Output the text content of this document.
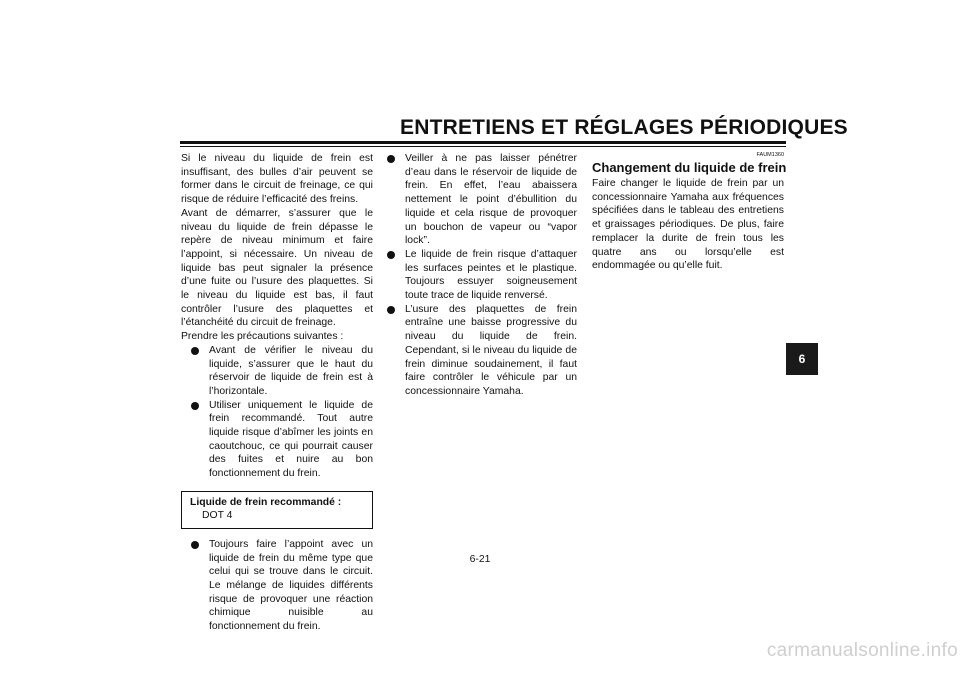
ENTRETIENS ET RÉGLAGES PÉRIODIQUES

Si le niveau du liquide de frein est insuffisant, des bulles d’air peuvent se former dans le circuit de freinage, ce qui risque de réduire l’efficacité des freins.

Avant de démarrer, s’assurer que le niveau du liquide de frein dépasse le repère de niveau minimum et faire l’appoint, si nécessaire. Un niveau de liquide bas peut signaler la présence d’une fuite ou l’usure des plaquettes. Si le niveau du liquide est bas, il faut contrôler l’usure des plaquettes et l’étanchéité du circuit de freinage.

Prendre les précautions suivantes :

Avant de vérifier le niveau du liquide, s’assurer que le haut du réservoir de liquide de frein est à l’horizontale.
Utiliser uniquement le liquide de frein recommandé. Tout autre liquide risque d’abîmer les joints en caoutchouc, ce qui pourrait causer des fuites et nuire au bon fonctionnement du frein.
Liquide de frein recommandé :
DOT 4
Toujours faire l’appoint avec un liquide de frein du même type que celui qui se trouve dans le circuit. Le mélange de liquides différents risque de provoquer une réaction chimique nuisible au fonctionnement du frein.
Veiller à ne pas laisser pénétrer d’eau dans le réservoir de liquide de frein. En effet, l’eau abaissera nettement le point d’ébullition du liquide et cela risque de provoquer un bouchon de vapeur ou “vapor lock”.
Le liquide de frein risque d’attaquer les surfaces peintes et le plastique. Toujours essuyer soigneusement toute trace de liquide renversé.
L’usure des plaquettes de frein entraîne une baisse progressive du niveau du liquide de frein. Cependant, si le niveau du liquide de frein diminue soudainement, il faut faire contrôler le véhicule par un concessionnaire Yamaha.
FAUM1360
Changement du liquide de frein

Faire changer le liquide de frein par un concessionnaire Yamaha aux fréquences spécifiées dans le tableau des entretiens et graissages périodiques. De plus, faire remplacer la durite de frein tous les quatre ans ou lorsqu’elle est endommagée ou qu’elle fuit.

6-21
6
carmanualsonline.info
